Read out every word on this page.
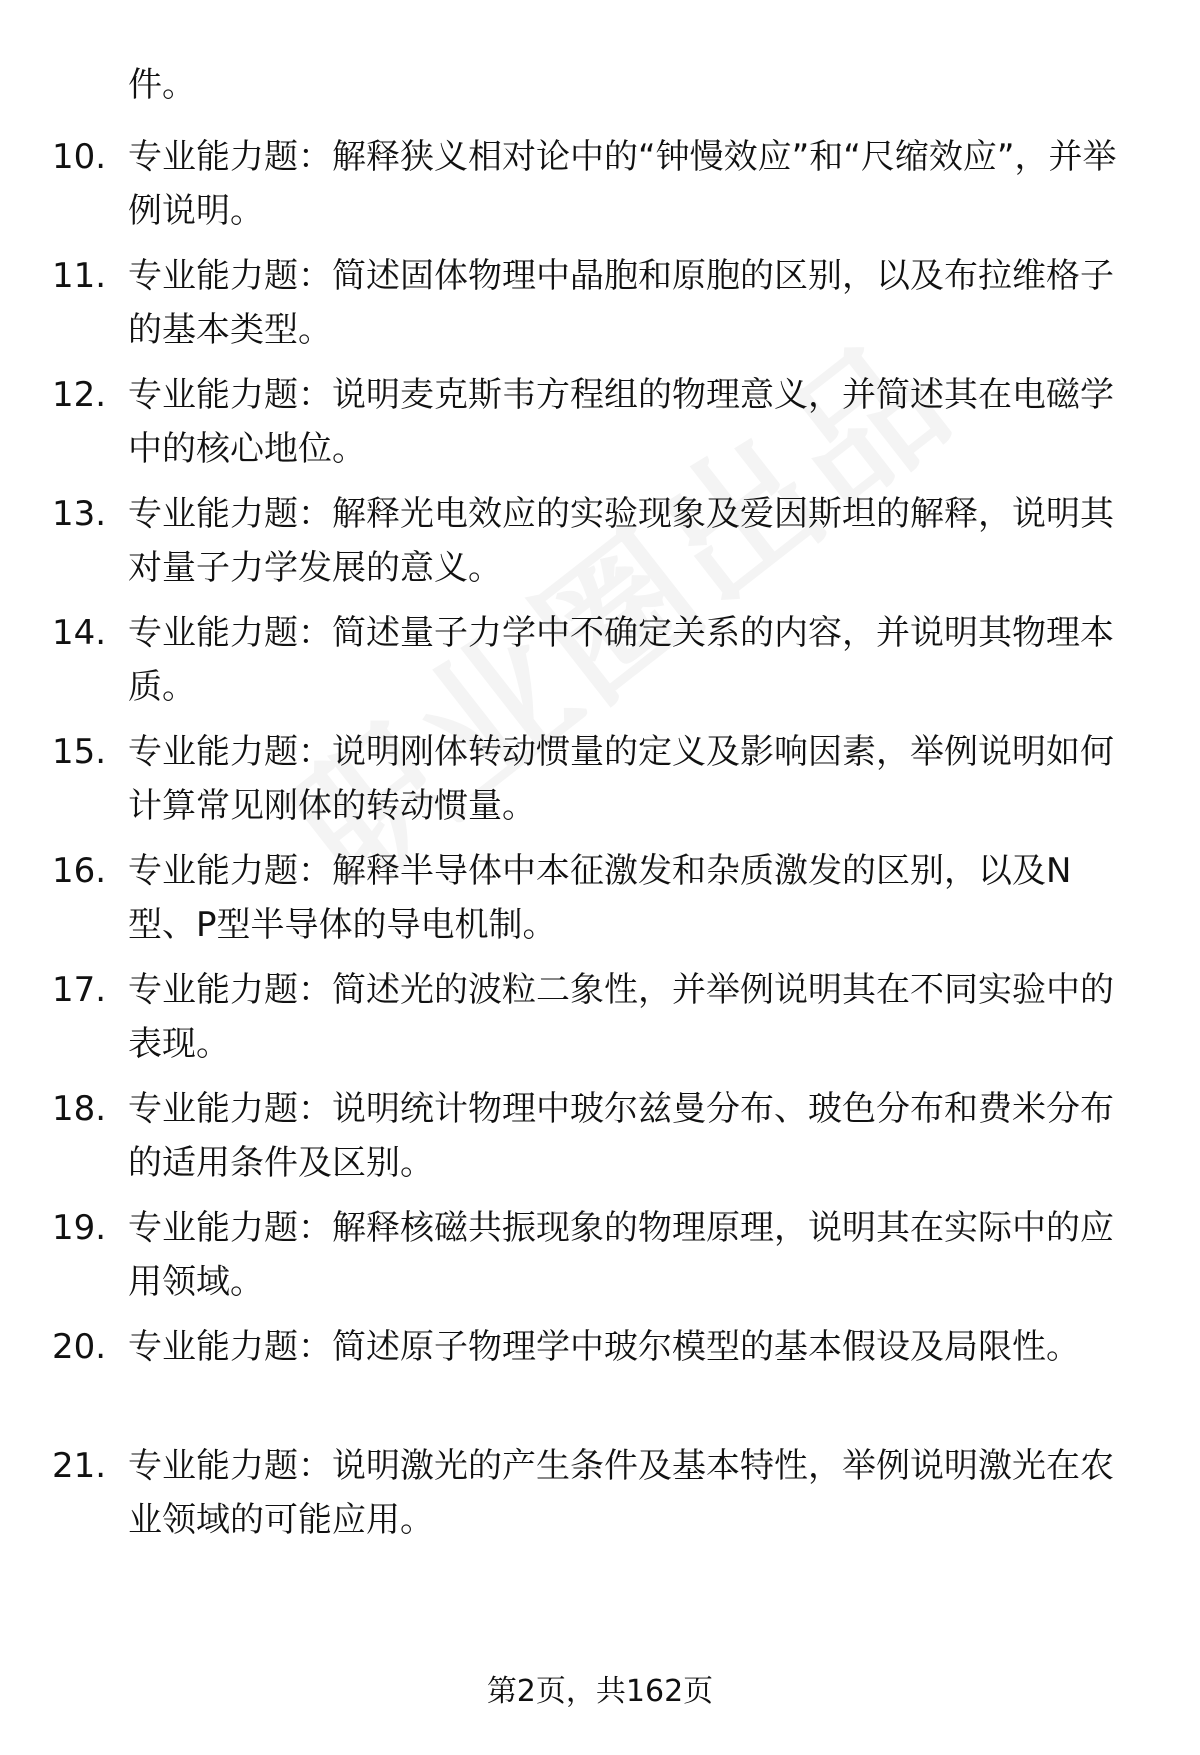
件。
10. 专业能力题：解释狭义相对论中的“钟慢效应”和“尺缩效应”，并举例说明。
11. 专业能力题：简述固体物理中晶胞和原胞的区别，以及布拉维格子的基本类型。
12. 专业能力题：说明麦克斯韦方程组的物理意义，并简述其在电磁学中的核心地位。
13. 专业能力题：解释光电效应的实验现象及爱因斯坦的解释，说明其对量子力学发展的意义。
14. 专业能力题：简述量子力学中不确定关系的内容，并说明其物理本质。
15. 专业能力题：说明刚体转动惯量的定义及影响因素，举例说明如何计算常见刚体的转动惯量。
16. 专业能力题：解释半导体中本征激发和杂质激发的区别，以及N型、P型半导体的导电机制。
17. 专业能力题：简述光的波粒二象性，并举例说明其在不同实验中的表现。
18. 专业能力题：说明统计物理中玻尔兹曼分布、玻色分布和费米分布的适用条件及区别。
19. 专业能力题：解释核磁共振现象的物理原理，说明其在实际中的应用领域。
20. 专业能力题：简述原子物理学中玻尔模型的基本假设及局限性。
21. 专业能力题：说明激光的产生条件及基本特性，举例说明激光在农业领域的可能应用。
第2页，共162页
